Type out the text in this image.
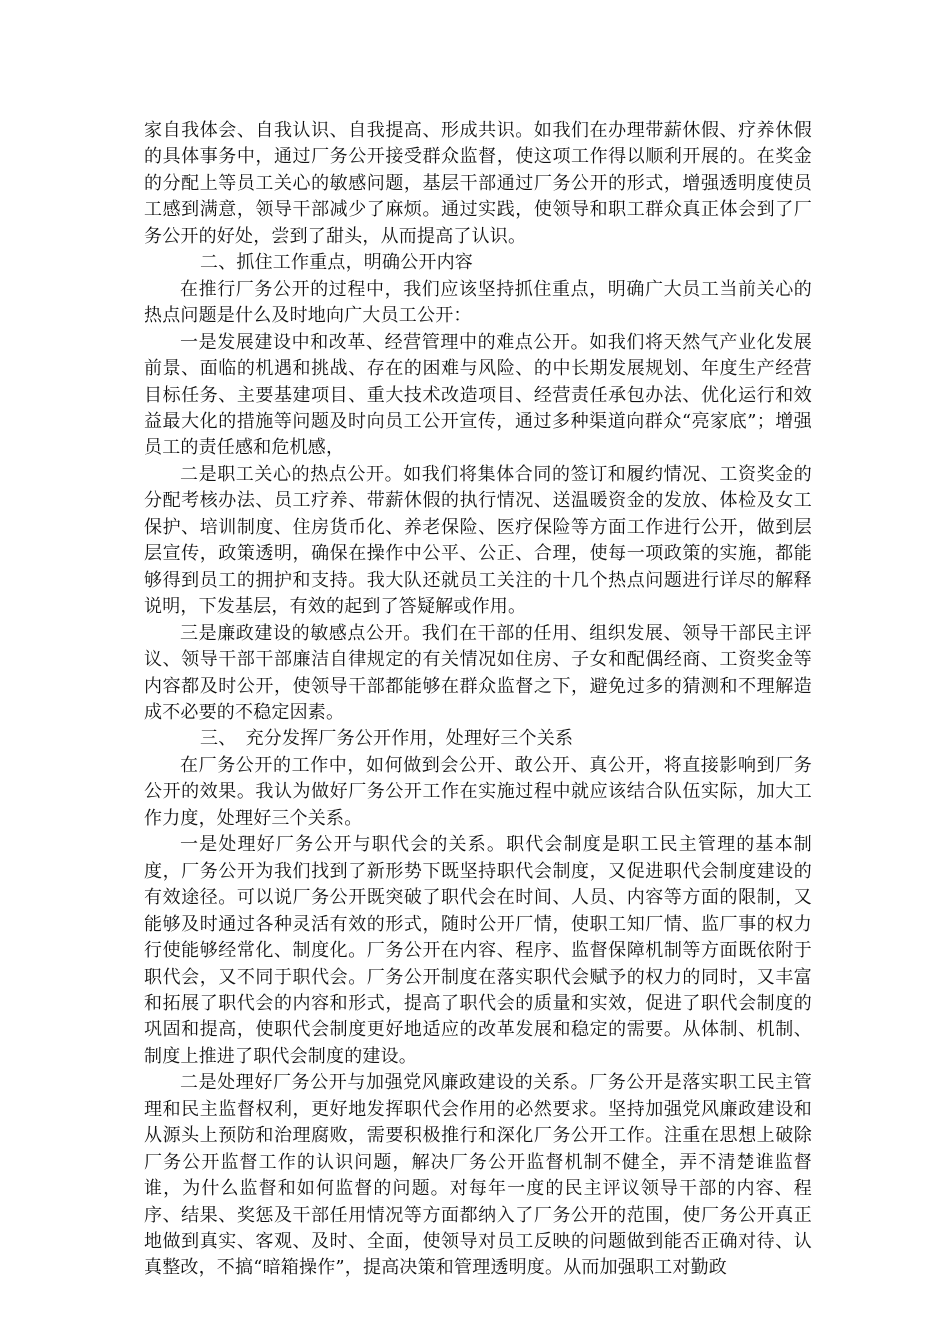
家自我体会、自我认识、自我提高、形成共识。如我们在办理带薪休假、疗养休假的具体事务中，通过厂务公开接受群众监督，使这项工作得以顺利开展的。在奖金的分配上等员工关心的敏感问题，基层干部通过厂务公开的形式，增强透明度使员工感到满意，领导干部减少了麻烦。通过实践，使领导和职工群众真正体会到了厂务公开的好处，尝到了甜头，从而提高了认识。

二、抓住工作重点，明确公开内容

在推行厂务公开的过程中，我们应该坚持抓住重点，明确广大员工当前关心的热点问题是什么及时地向广大员工公开：

一是发展建设中和改革、经营管理中的难点公开。如我们将天然气产业化发展前景、面临的机遇和挑战、存在的困难与风险、的中长期发展规划、年度生产经营目标任务、主要基建项目、重大技术改造项目、经营责任承包办法、优化运行和效益最大化的措施等问题及时向员工公开宣传，通过多种渠道向群众“亮家底”；增强员工的责任感和危机感，

二是职工关心的热点公开。如我们将集体合同的签订和履约情况、工资奖金的分配考核办法、员工疗养、带薪休假的执行情况、送温暖资金的发放、体检及女工保护、培训制度、住房货币化、养老保险、医疗保险等方面工作进行公开，做到层层宣传，政策透明，确保在操作中公平、公正、合理，使每一项政策的实施，都能够得到员工的拥护和支持。我大队还就员工关注的十几个热点问题进行详尽的解释说明，下发基层，有效的起到了答疑解或作用。

三是廉政建设的敏感点公开。我们在干部的任用、组织发展、领导干部民主评议、领导干部干部廉洁自律规定的有关情况如住房、子女和配偶经商、工资奖金等内容都及时公开，使领导干部都能够在群众监督之下，避免过多的猜测和不理解造成不必要的不稳定因素。

三、　充分发挥厂务公开作用，处理好三个关系

在厂务公开的工作中，如何做到会公开、敢公开、真公开，将直接影响到厂务公开的效果。我认为做好厂务公开工作在实施过程中就应该结合队伍实际，加大工作力度，处理好三个关系。

一是处理好厂务公开与职代会的关系。职代会制度是职工民主管理的基本制度，厂务公开为我们找到了新形势下既坚持职代会制度，又促进职代会制度建设的有效途径。可以说厂务公开既突破了职代会在时间、人员、内容等方面的限制，又能够及时通过各种灵活有效的形式，随时公开厂情，使职工知厂情、监厂事的权力行使能够经常化、制度化。厂务公开在内容、程序、监督保障机制等方面既依附于职代会，又不同于职代会。厂务公开制度在落实职代会赋予的权力的同时，又丰富和拓展了职代会的内容和形式，提高了职代会的质量和实效，促进了职代会制度的巩固和提高，使职代会制度更好地适应的改革发展和稳定的需要。从体制、机制、制度上推进了职代会制度的建设。

二是处理好厂务公开与加强党风廉政建设的关系。厂务公开是落实职工民主管理和民主监督权利，更好地发挥职代会作用的必然要求。坚持加强党风廉政建设和从源头上预防和治理腐败，需要积极推行和深化厂务公开工作。注重在思想上破除厂务公开监督工作的认识问题，解决厂务公开监督机制不健全，弄不清楚谁监督谁，为什么监督和如何监督的问题。对每年一度的民主评议领导干部的内容、程序、结果、奖惩及干部任用情况等方面都纳入了厂务公开的范围，使厂务公开真正地做到真实、客观、及时、全面，使领导对员工反映的问题做到能否正确对待、认真整改，不搞“暗箱操作”，提高决策和管理透明度。从而加强职工对勤政
